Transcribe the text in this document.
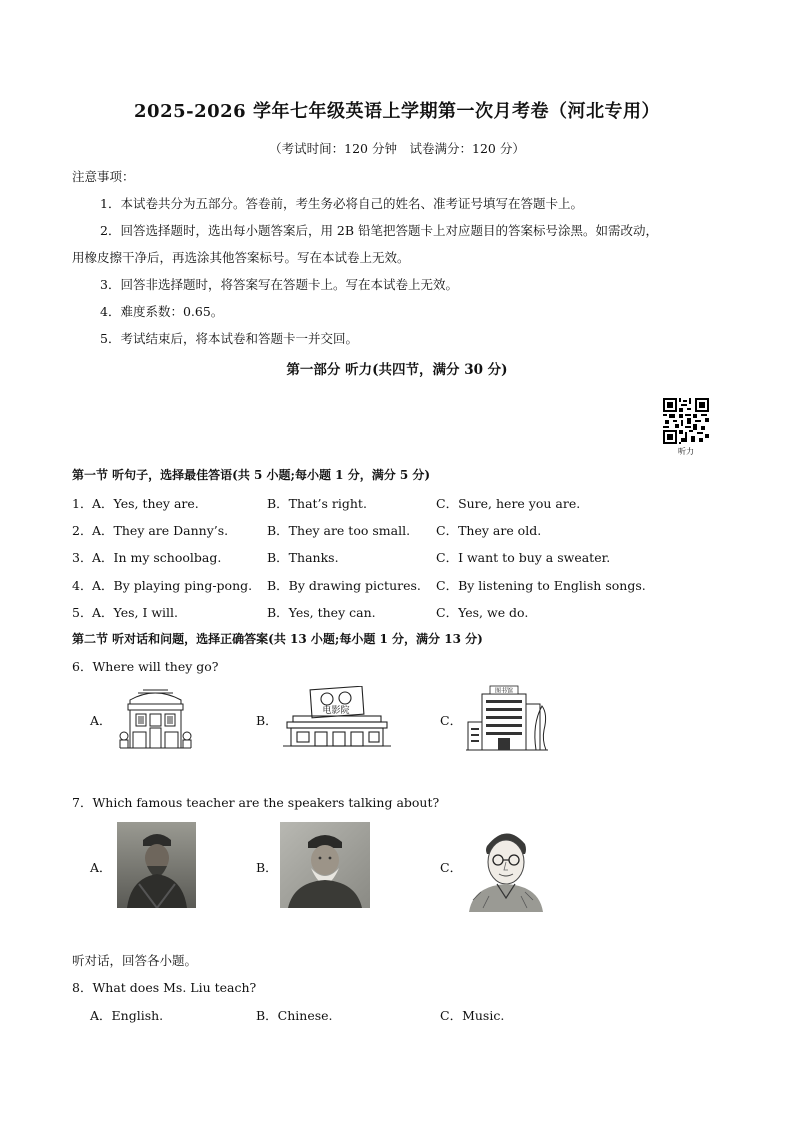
2025-2026 学年七年级英语上学期第一次月考卷（河北专用）
（考试时间：120 分钟　试卷满分：120 分）
注意事项：
1．本试卷共分为五部分。答卷前，考生务必将自己的姓名、准考证号填写在答题卡上。
2．回答选择题时，选出每小题答案后，用 2B 铅笔把答题卡上对应题目的答案标号涂黑。如需改动，
用橡皮擦干净后，再选涂其他答案标号。写在本试卷上无效。
3．回答非选择题时，将答案写在答题卡上。写在本试卷上无效。
4．难度系数：0.65。
5．考试结束后，将本试卷和答题卡一并交回。
第一部分 听力(共四节，满分 30 分)
听力
第一节 听句子，选择最佳答语(共 5 小题;每小题 1 分，满分 5 分)
1． A．Yes, they are.	B．That’s right.	C．Sure, here you are.
2． A．They are Danny’s.	B．They are too small. C．They are old.
3． A．In my schoolbag.	B．Thanks.	C．I want to buy a sweater.
4． A．By playing ping-pong. B．By drawing pictures. C．By listening to English songs.
5． A．Yes, I will.	B．Yes, they can.	C．Yes, we do.
第二节 听对话和问题，选择正确答案(共 13 小题;每小题 1 分，满分 13 分)
6．Where will they go?
A．	B．	C．
电影院
图书馆
7．Which famous teacher are the speakers talking about?
A．	B．	C．
听对话，回答各小题。
8．What does Ms. Liu teach?
A．English.	B．Chinese.	C．Music.
